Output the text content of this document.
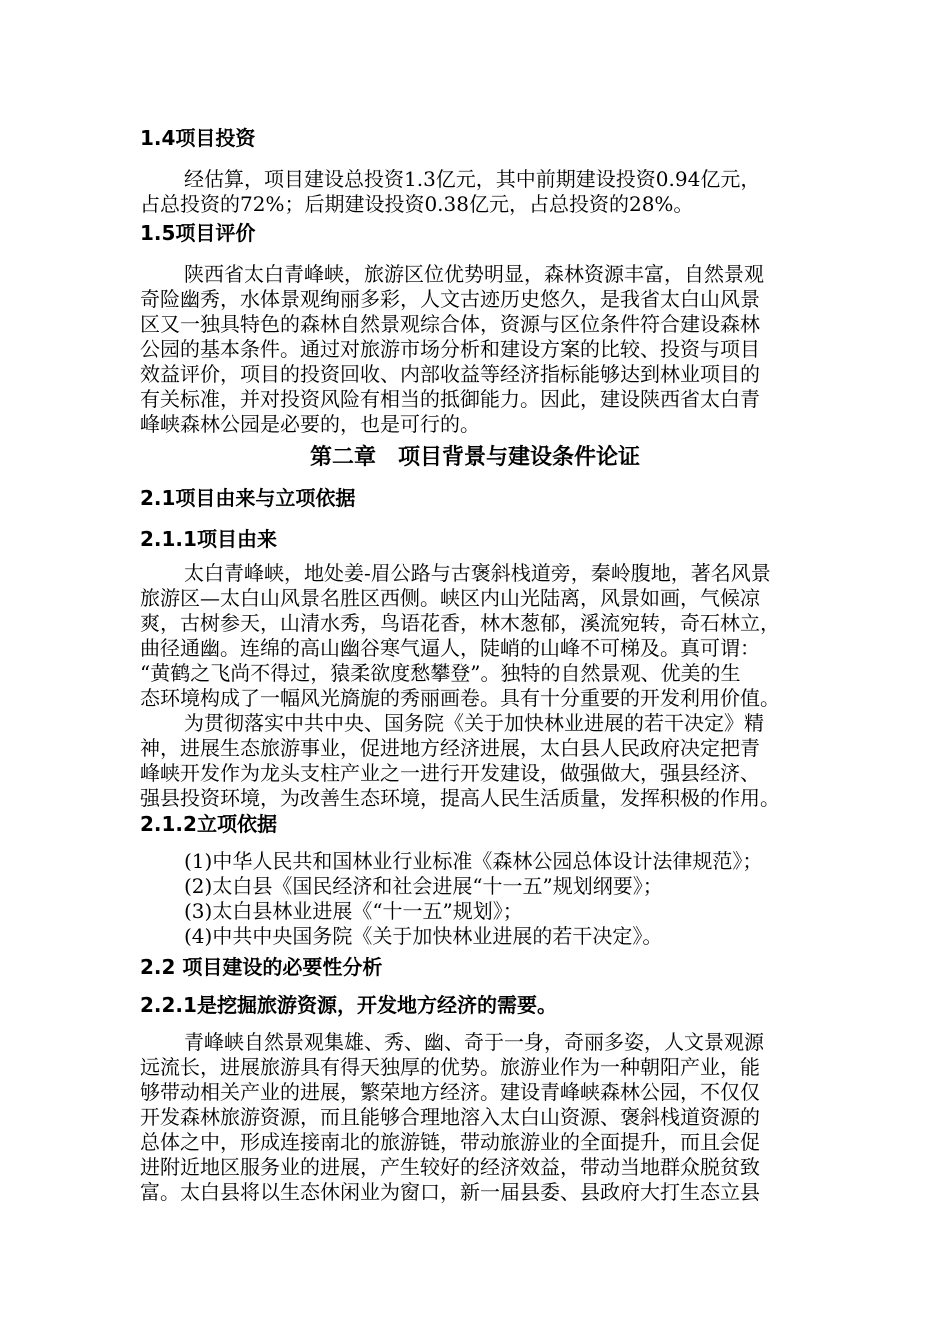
1.4项目投资
经估算，项目建设总投资1.3亿元，其中前期建设投资0.94亿元，
占总投资的72%；后期建设投资0.38亿元，占总投资的28%。
1.5项目评价
陕西省太白青峰峡，旅游区位优势明显，森林资源丰富，自然景观
奇险幽秀，水体景观绚丽多彩，人文古迹历史悠久，是我省太白山风景
区又一独具特色的森林自然景观综合体，资源与区位条件符合建设森林
公园的基本条件。通过对旅游市场分析和建设方案的比较、投资与项目
效益评价，项目的投资回收、内部收益等经济指标能够达到林业项目的
有关标准，并对投资风险有相当的抵御能力。因此，建设陕西省太白青
峰峡森林公园是必要的，也是可行的。
第二章　项目背景与建设条件论证
2.1项目由来与立项依据
2.1.1项目由来
太白青峰峡，地处姜-眉公路与古褒斜栈道旁，秦岭腹地，著名风景
旅游区—太白山风景名胜区西侧。峡区内山光陆离，风景如画，气候凉
爽，古树参天，山清水秀，鸟语花香，林木葱郁，溪流宛转，奇石林立，
曲径通幽。连绵的高山幽谷寒气逼人，陡峭的山峰不可梯及。真可谓：
“黄鹤之飞尚不得过，猿柔欲度愁攀登”。独特的自然景观、优美的生
态环境构成了一幅风光旖旎的秀丽画卷。具有十分重要的开发利用价值。
为贯彻落实中共中央、国务院《关于加快林业进展的若干决定》精
神，进展生态旅游事业，促进地方经济进展，太白县人民政府决定把青
峰峡开发作为龙头支柱产业之一进行开发建设，做强做大，强县经济、
强县投资环境，为改善生态环境，提高人民生活质量，发挥积极的作用。
2.1.2立项依据

(1)中华人民共和国林业行业标准《森林公园总体设计法律规范》；

(2)太白县《国民经济和社会进展“十一五”规划纲要》；

(3)太白县林业进展《“十一五”规划》；

(4)中共中央国务院《关于加快林业进展的若干决定》。

2.2 项目建设的必要性分析
2.2.1是挖掘旅游资源，开发地方经济的需要。
青峰峡自然景观集雄、秀、幽、奇于一身，奇丽多姿，人文景观源
远流长，进展旅游具有得天独厚的优势。旅游业作为一种朝阳产业，能
够带动相关产业的进展，繁荣地方经济。建设青峰峡森林公园，不仅仅
开发森林旅游资源，而且能够合理地溶入太白山资源、褒斜栈道资源的
总体之中，形成连接南北的旅游链，带动旅游业的全面提升，而且会促
进附近地区服务业的进展，产生较好的经济效益，带动当地群众脱贫致
富。太白县将以生态休闲业为窗口，新一届县委、县政府大打生态立县
